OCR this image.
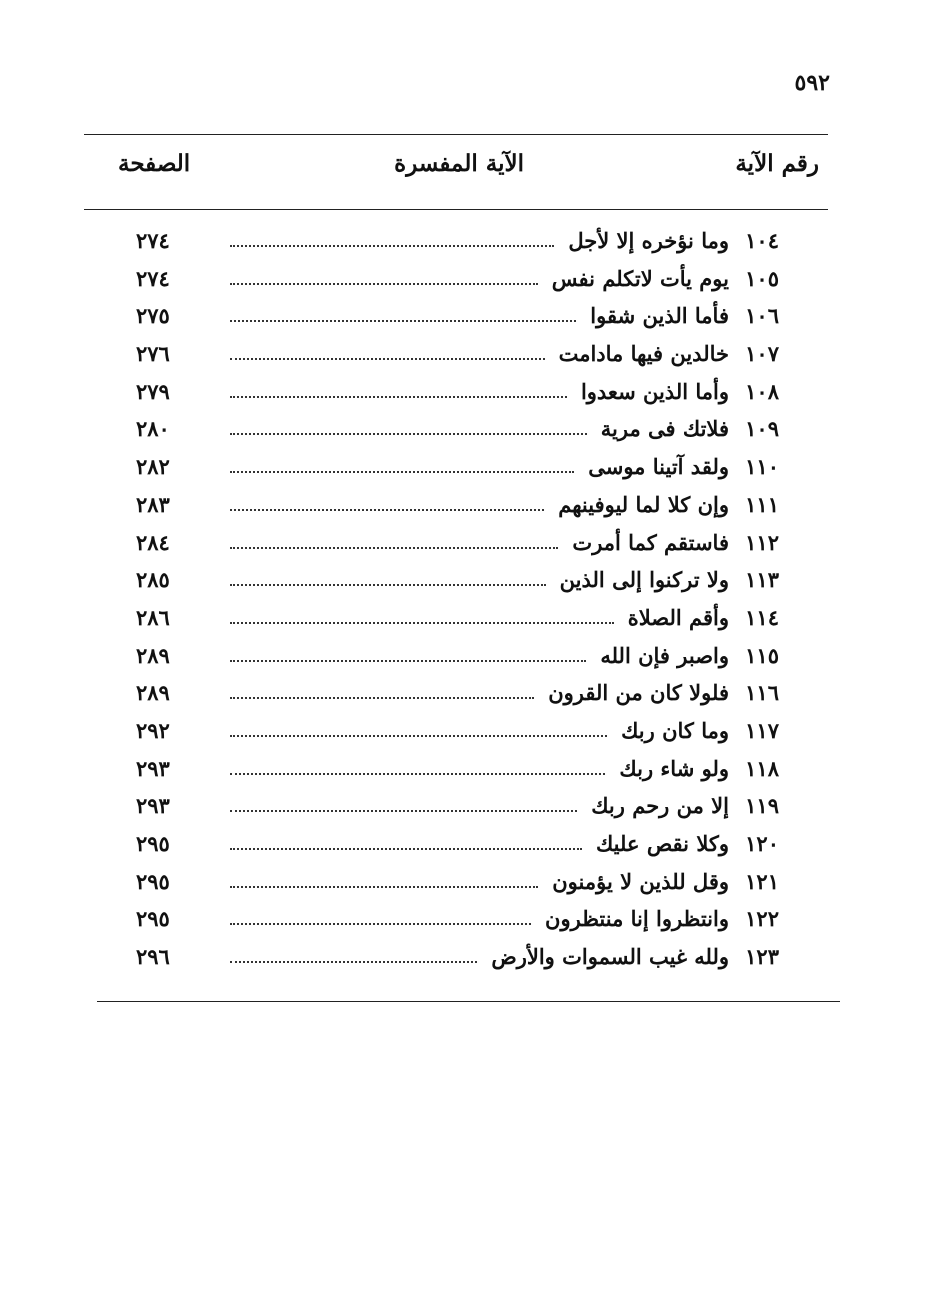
٥٩٢
رقم الآية
الآية المفسرة
الصفحة
١٠٤
وما نؤخره إلا لأجل
٢٧٤
١٠٥
يوم يأت لاتكلم نفس
٢٧٤
١٠٦
فأما الذين شقوا
٢٧٥
١٠٧
خالدين فيها مادامت
٢٧٦
١٠٨
وأما الذين سعدوا
٢٧٩
١٠٩
فلاتك فى مرية
٢٨٠
١١٠
ولقد آتينا موسى
٢٨٢
١١١
وإن كلا لما ليوفينهم
٢٨٣
١١٢
فاستقم كما أمرت
٢٨٤
١١٣
ولا تركنوا إلى الذين
٢٨٥
١١٤
وأقم الصلاة
٢٨٦
١١٥
واصبر فإن الله
٢٨٩
١١٦
فلولا كان من القرون
٢٨٩
١١٧
وما كان ربك
٢٩٢
١١٨
ولو شاء ربك
٢٩٣
١١٩
إلا من رحم ربك
٢٩٣
١٢٠
وكلا نقص عليك
٢٩٥
١٢١
وقل للذين لا يؤمنون
٢٩٥
١٢٢
وانتظروا إنا منتظرون
٢٩٥
١٢٣
ولله غيب السموات والأرض
٢٩٦
